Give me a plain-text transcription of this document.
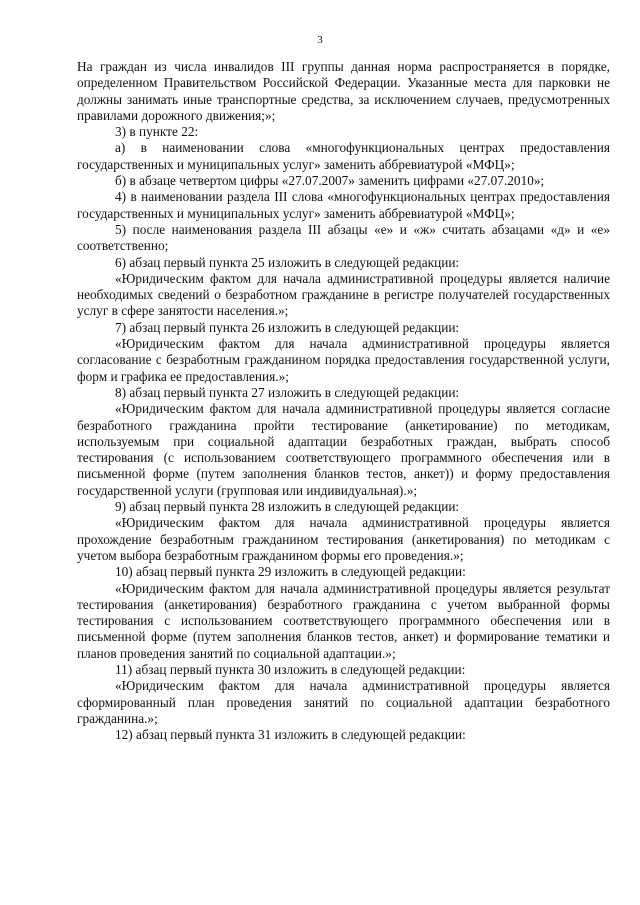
3

На граждан из числа инвалидов III группы данная норма распространяется в порядке, определенном Правительством Российской Федерации. Указанные места для парковки не должны занимать иные транспортные средства, за исключением случаев, предусмотренных правилами дорожного движения;»;

3) в пункте 22:

а) в наименовании слова «многофункциональных центрах предоставления государственных и муниципальных услуг» заменить аббревиатурой «МФЦ»;

б) в абзаце четвертом цифры «27.07.2007» заменить цифрами «27.07.2010»;

4) в наименовании раздела III слова «многофункциональных центрах предоставления государственных и муниципальных услуг» заменить аббревиатурой «МФЦ»;

5) после наименования раздела III абзацы «е» и «ж» считать абзацами «д» и «е» соответственно;

6) абзац первый пункта 25 изложить в следующей редакции:

«Юридическим фактом для начала административной процедуры является наличие необходимых сведений о безработном гражданине в регистре получателей государственных услуг в сфере занятости населения.»;

7) абзац первый пункта 26 изложить в следующей редакции:

«Юридическим фактом для начала административной процедуры является согласование с безработным гражданином порядка предоставления государственной услуги, форм и графика ее предоставления.»;

8) абзац первый пункта 27 изложить в следующей редакции:

«Юридическим фактом для начала административной процедуры является согласие безработного гражданина пройти тестирование (анкетирование) по методикам, используемым при социальной адаптации безработных граждан, выбрать способ тестирования (с использованием соответствующего программного обеспечения или в письменной форме (путем заполнения бланков тестов, анкет)) и форму предоставления государственной услуги (групповая или индивидуальная).»;

9) абзац первый пункта 28 изложить в следующей редакции:

«Юридическим фактом для начала административной процедуры является прохождение безработным гражданином тестирования (анкетирования) по методикам с учетом выбора безработным гражданином формы его проведения.»;

10) абзац первый пункта 29 изложить в следующей редакции:

«Юридическим фактом для начала административной процедуры является результат тестирования (анкетирования) безработного гражданина с учетом выбранной формы тестирования с использованием соответствующего программного обеспечения или в письменной форме (путем заполнения бланков тестов, анкет) и формирование тематики и планов проведения занятий по социальной адаптации.»;

11) абзац первый пункта 30 изложить в следующей редакции:

«Юридическим фактом для начала административной процедуры является сформированный план проведения занятий по социальной адаптации безработного гражданина.»;

12) абзац первый пункта 31 изложить в следующей редакции:
